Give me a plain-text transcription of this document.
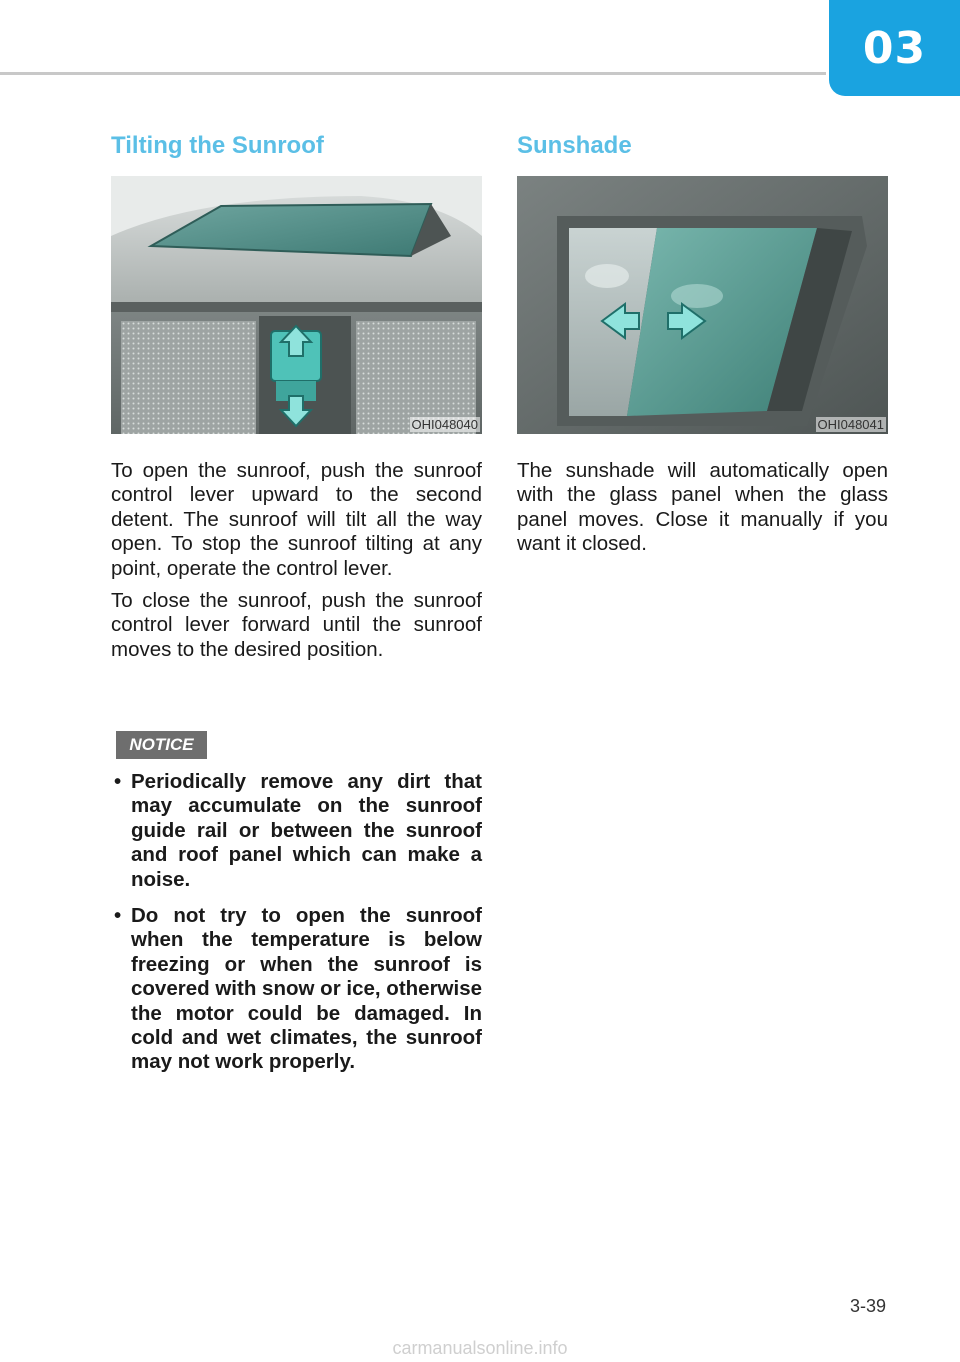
03
Tilting the Sunroof
OHI048040

To open the sunroof, push the sunroof control lever upward to the second detent. The sunroof will tilt all the way open. To stop the sunroof tilting at any point, operate the control lever.

To close the sunroof, push the sunroof control lever forward until the sunroof moves to the desired position.

NOTICE
• Periodically remove any dirt that may accumulate on the sunroof guide rail or between the sunroof and roof panel which can make a noise.
• Do not try to open the sunroof when the temperature is below freezing or when the sunroof is covered with snow or ice, otherwise the motor could be damaged. In cold and wet climates, the sunroof may not work properly.
Sunshade
OHI048041

The sunshade will automatically open with the glass panel when the glass panel moves. Close it manually if you want it closed.

3-39
carmanualsonline.info
